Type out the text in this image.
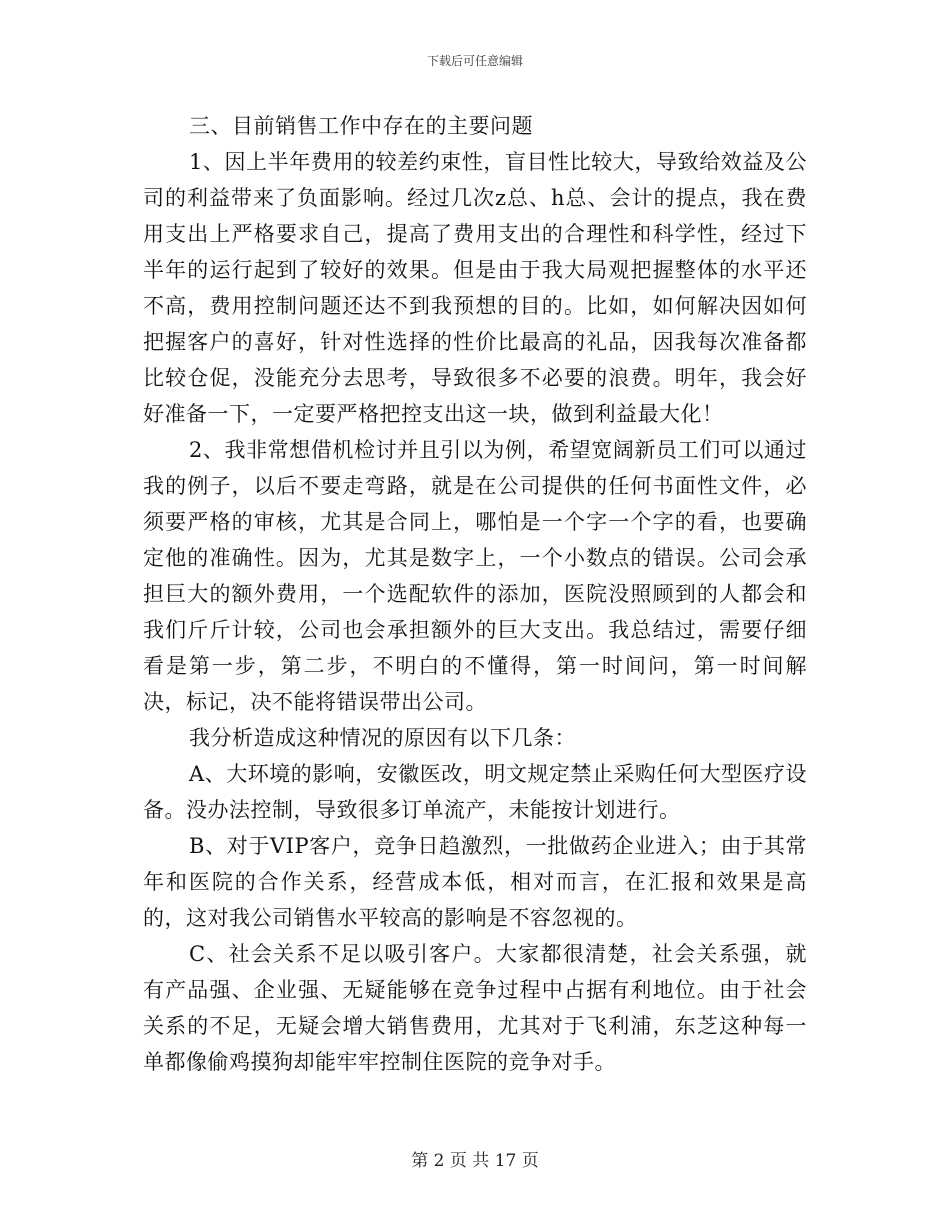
下载后可任意编辑

三、目前销售工作中存在的主要问题

1、因上半年费用的较差约束性，盲目性比较大，导致给效益及公司的利益带来了负面影响。经过几次z总、h总、会计的提点，我在费用支出上严格要求自己，提高了费用支出的合理性和科学性，经过下半年的运行起到了较好的效果。但是由于我大局观把握整体的水平还不高，费用控制问题还达不到我预想的目的。比如，如何解决因如何把握客户的喜好，针对性选择的性价比最高的礼品，因我每次准备都比较仓促，没能充分去思考，导致很多不必要的浪费。明年，我会好好准备一下，一定要严格把控支出这一块，做到利益最大化！

2、我非常想借机检讨并且引以为例，希望宽阔新员工们可以通过我的例子，以后不要走弯路，就是在公司提供的任何书面性文件，必须要严格的审核，尤其是合同上，哪怕是一个字一个字的看，也要确定他的准确性。因为，尤其是数字上，一个小数点的错误。公司会承担巨大的额外费用，一个选配软件的添加，医院没照顾到的人都会和我们斤斤计较，公司也会承担额外的巨大支出。我总结过，需要仔细看是第一步，第二步，不明白的不懂得，第一时间问，第一时间解决，标记，决不能将错误带出公司。

我分析造成这种情况的原因有以下几条：

A、大环境的影响，安徽医改，明文规定禁止采购任何大型医疗设备。没办法控制，导致很多订单流产，未能按计划进行。

B、对于VIP客户，竞争日趋激烈，一批做药企业进入；由于其常年和医院的合作关系，经营成本低，相对而言，在汇报和效果是高的，这对我公司销售水平较高的影响是不容忽视的。

C、社会关系不足以吸引客户。大家都很清楚，社会关系强，就有产品强、企业强、无疑能够在竞争过程中占据有利地位。由于社会关系的不足，无疑会增大销售费用，尤其对于飞利浦，东芝这种每一单都像偷鸡摸狗却能牢牢控制住医院的竞争对手。

第 2 页 共 17 页
